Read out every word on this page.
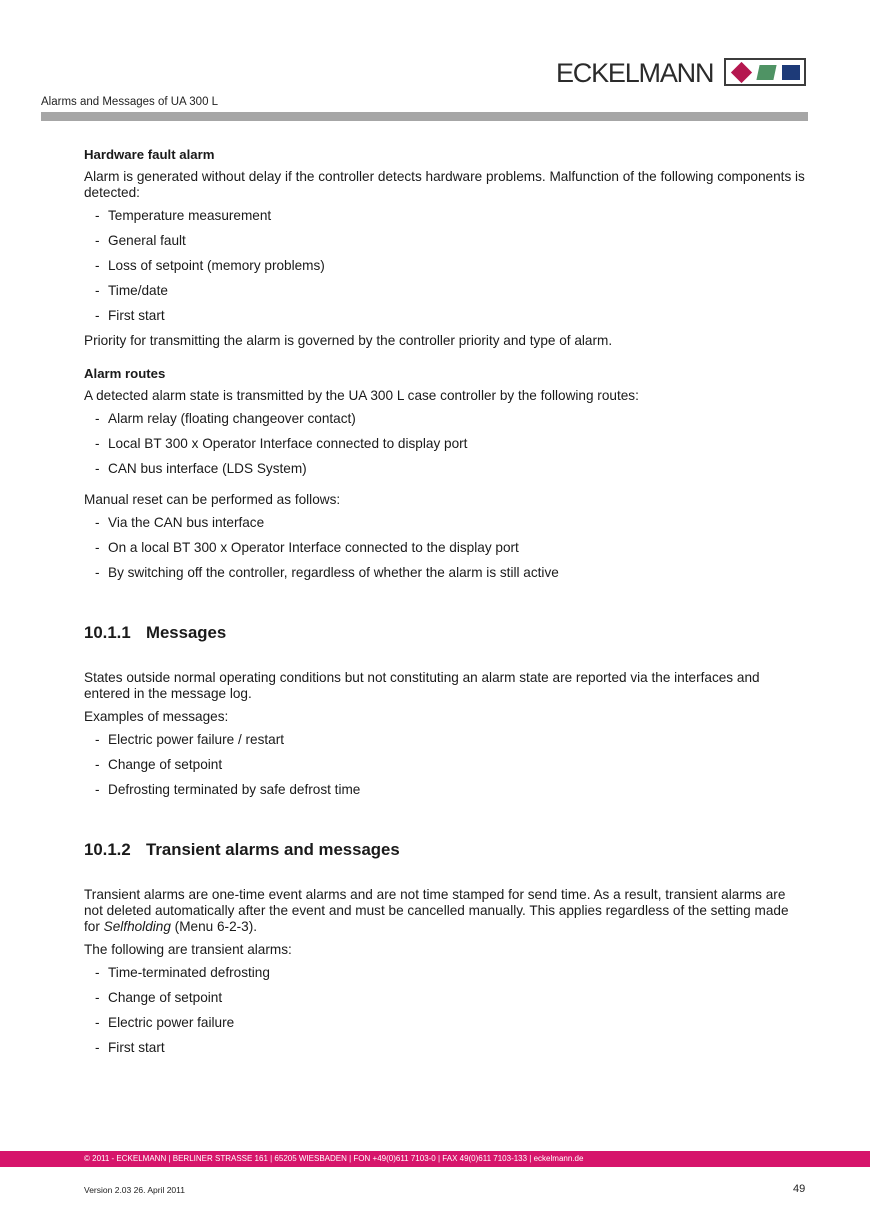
ECKELMANN
Alarms and Messages of UA 300 L

Hardware fault alarm

Alarm is generated without delay if the controller detects hardware problems. Malfunction of the following components is detected:

- Temperature measurement
- General fault
- Loss of setpoint (memory problems)
- Time/date
- First start

Priority for transmitting the alarm is governed by the controller priority and type of alarm.

Alarm routes

A detected alarm state is transmitted by the UA 300 L case controller by the following routes:

- Alarm relay (floating changeover contact)
- Local BT 300 x Operator Interface connected to display port
- CAN bus interface (LDS System)

Manual reset can be performed as follows:

- Via the CAN bus interface
- On a local BT 300 x Operator Interface connected to the display port
- By switching off the controller, regardless of whether the alarm is still active
10.1.1 Messages

States outside normal operating conditions but not constituting an alarm state are reported via the interfaces and entered in the message log.

Examples of messages:

- Electric power failure / restart
- Change of setpoint
- Defrosting terminated by safe defrost time
10.1.2 Transient alarms and messages

Transient alarms are one-time event alarms and are not time stamped for send time. As a result, transient alarms are not deleted automatically after the event and must be cancelled manually. This applies regardless of the setting made for Selfholding (Menu 6-2-3).

The following are transient alarms:

- Time-terminated defrosting
- Change of setpoint
- Electric power failure
- First start
© 2011 - ECKELMANN | BERLINER STRASSE 161 | 65205 WIESBADEN | FON +49(0)611 7103-0 | FAX 49(0)611 7103-133 | eckelmann.de
Version 2.03 26. April 2011	49
